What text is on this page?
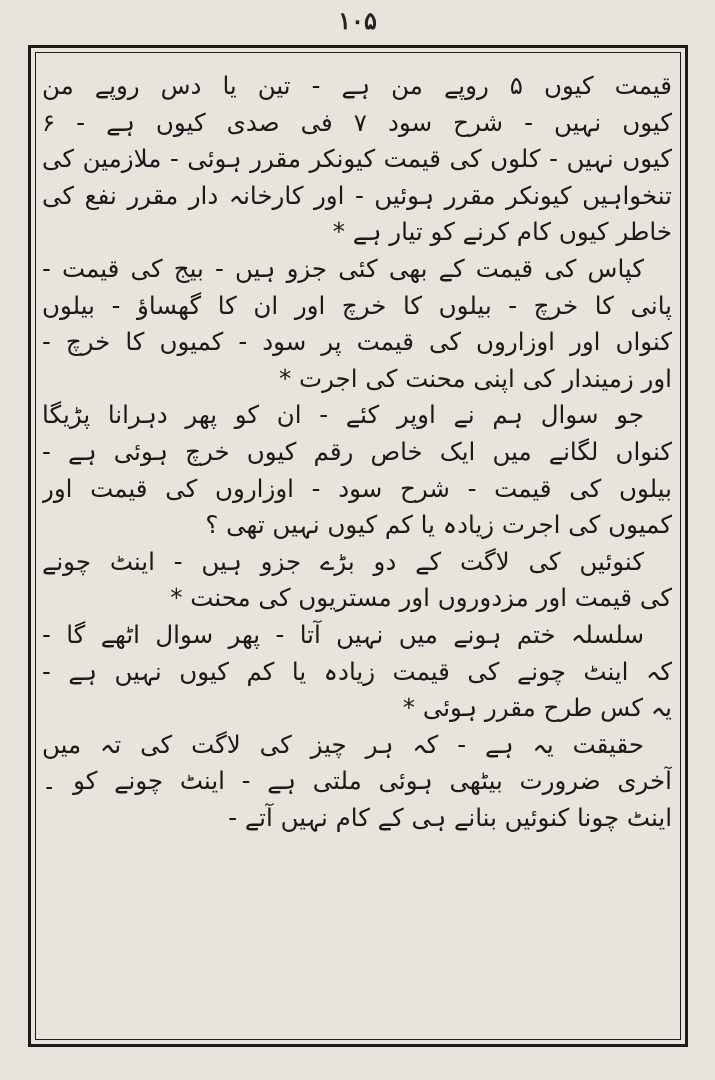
۱۰۵
قیمت کیوں ۵ روپے من ہے - تین یا دس روپے من
کیوں نہیں - شرح سود ۷ فی صدی کیوں ہے - ۶
کیوں نہیں - کلوں کی قیمت کیونکر مقرر ہوئی - ملازمین کی
تنخواہیں کیونکر مقرر ہوئیں - اور کارخانہ دار مقرر نفع کی
خاطر کیوں کام کرنے کو تیار ہے *
کپاس کی قیمت کے بھی کئی جزو ہیں - بیج کی قیمت -
پانی کا خرچ - بیلوں کا خرچ اور ان کا گھساؤ - بیلوں
کنواں اور اوزاروں کی قیمت پر سود - کمیوں کا خرچ -
اور زمیندار کی اپنی محنت کی اجرت *
جو سوال ہم نے اوپر کئے - ان کو پھر دہرانا پڑیگا
کنواں لگانے میں ایک خاص رقم کیوں خرچ ہوئی ہے -
بیلوں کی قیمت - شرح سود - اوزاروں کی قیمت اور
کمیوں کی اجرت زیادہ یا کم کیوں نہیں تھی ؟
کنوئیں کی لاگت کے دو بڑے جزو ہیں - اینٹ چونے
کی قیمت اور مزدوروں اور مستریوں کی محنت *
سلسلہ ختم ہونے میں نہیں آتا - پھر سوال اٹھے گا -
کہ اینٹ چونے کی قیمت زیادہ یا کم کیوں نہیں ہے -
یہ کس طرح مقرر ہوئی *
حقیقت یہ ہے - کہ ہر چیز کی لاگت کی تہ میں
آخری ضرورت بیٹھی ہوئی ملتی ہے - اینٹ چونے کو ۔
اینٹ چونا کنوئیں بنانے ہی کے کام نہیں آتے -
